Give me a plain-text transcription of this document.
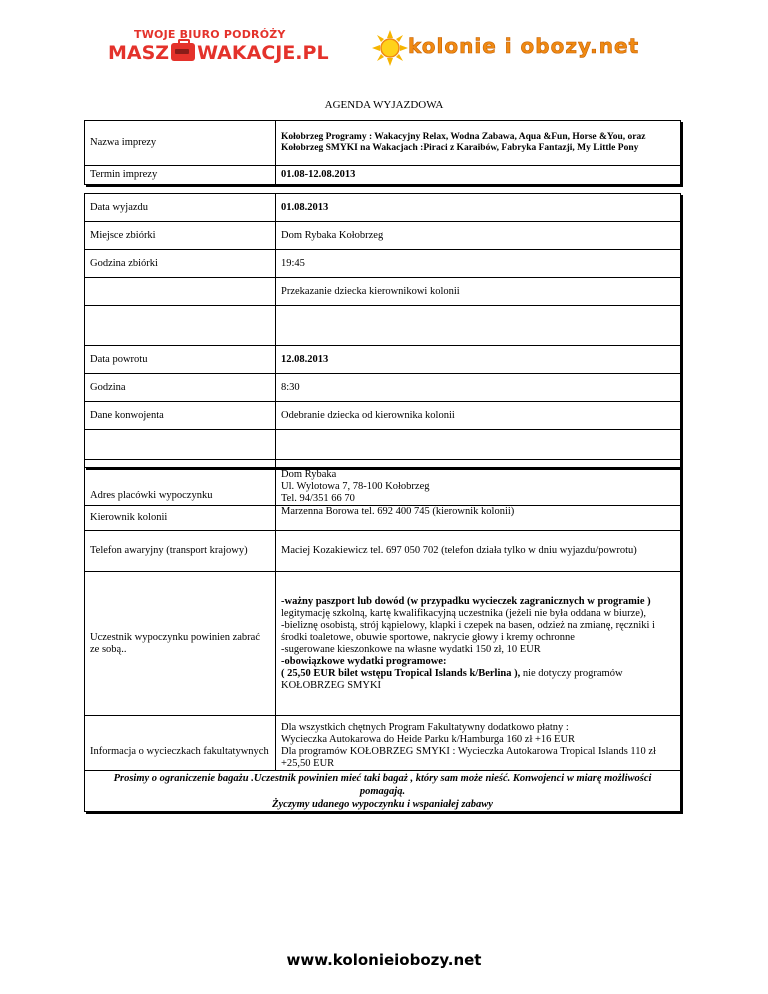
TWOJE BIURO PODRÓŻY
MASZ WAKACJE.PL	kolonie i obozy.net
AGENDA WYJAZDOWA
Nazwa imprezy	Kołobrzeg Programy : Wakacyjny Relax, Wodna Zabawa, Aqua &Fun, Horse &You, oraz Kołobrzeg SMYKI na Wakacjach :Piraci z Karaibów, Fabryka Fantazji, My Little Pony
Termin imprezy	01.08-12.08.2013
Data wyjazdu	01.08.2013
Miejsce zbiórki	Dom Rybaka Kołobrzeg
Godzina zbiórki	19:45
	Przekazanie dziecka kierownikowi kolonii

Data powrotu	12.08.2013
Godzina	8:30
Dane konwojenta	Odebranie dziecka od kierownika kolonii

Adres placówki wypoczynku	Dom Rybaka
Ul. Wylotowa 7, 78-100 Kołobrzeg
Tel. 94/351 66 70

Kierownik kolonii	Marzenna Borowa tel. 692 400 745 (kierownik kolonii)
Telefon awaryjny (transport krajowy)	Maciej Kozakiewicz tel. 697 050 702 (telefon działa tylko w dniu wyjazdu/powrotu)
Uczestnik wypoczynku powinien zabrać ze sobą..	-ważny paszport lub dowód (w przypadku wycieczek zagranicznych w programie ) legitymację szkolną, kartę kwalifikacyjną uczestnika (jeżeli nie była oddana w biurze),
-bieliznę osobistą, strój kąpielowy, klapki i czepek na basen, odzież na zmianę, ręczniki i środki toaletowe, obuwie sportowe, nakrycie głowy i kremy ochronne
-sugerowane kieszonkowe na własne wydatki 150 zł, 10 EUR
-obowiązkowe wydatki programowe:
( 25,50 EUR bilet wstępu Tropical Islands k/Berlina ), nie dotyczy programów KOŁOBRZEG SMYKI
Informacja o wycieczkach fakultatywnych	Dla wszystkich chętnych Program Fakultatywny dodatkowo płatny :
Wycieczka Autokarowa do Heide Parku k/Hamburga 160 zł +16 EUR
Dla programów KOŁOBRZEG SMYKI : Wycieczka Autokarowa Tropical Islands 110 zł +25,50 EUR

Prosimy o ograniczenie bagażu .Uczestnik powinien mieć taki bagaż , który sam może nieść. Konwojenci w miarę możliwości pomagają.
Życzymy udanego wypoczynku i wspaniałej zabawy	
www.kolonieiobozy.net
